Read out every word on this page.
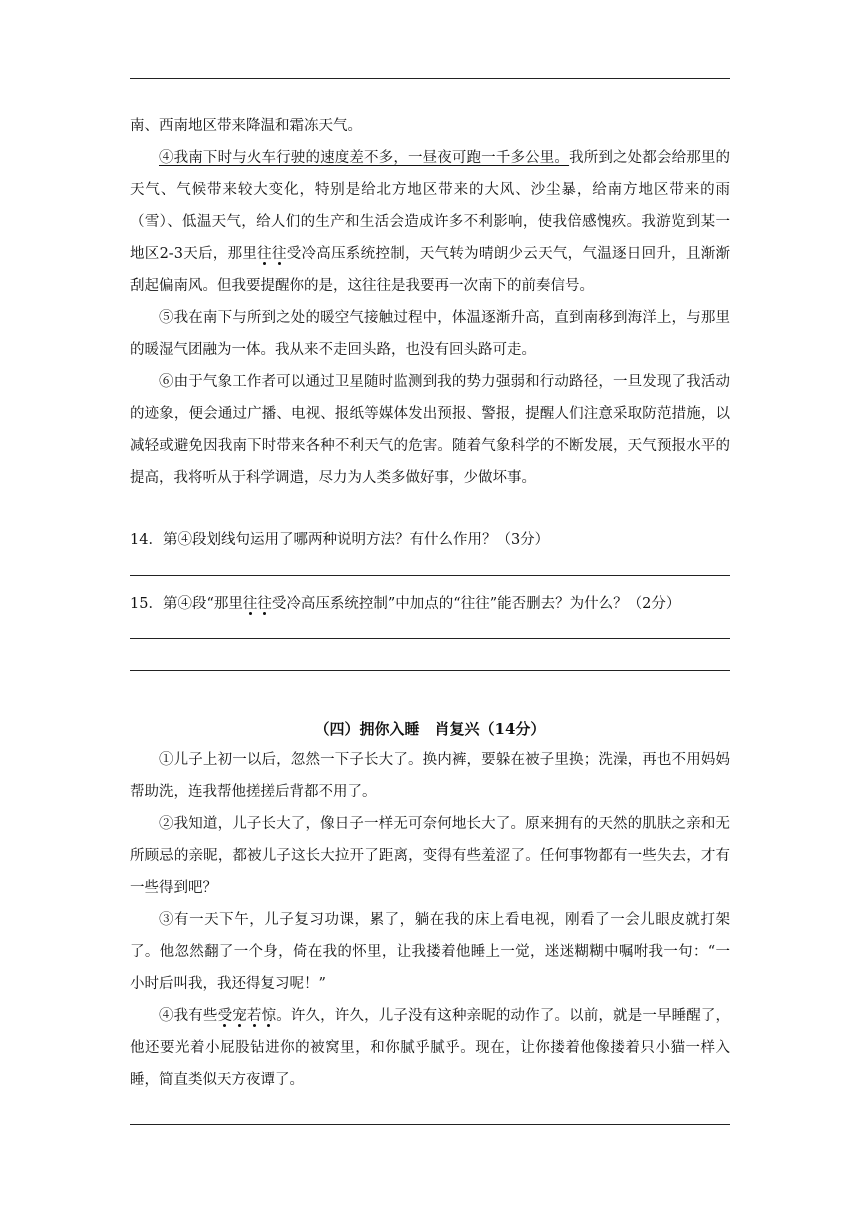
南、西南地区带来降温和霜冻天气。

④我南下时与火车行驶的速度差不多，一昼夜可跑一千多公里。我所到之处都会给那里的天气、气候带来较大变化，特别是给北方地区带来的大风、沙尘暴，给南方地区带来的雨（雪）、低温天气，给人们的生产和生活会造成许多不利影响，使我倍感愧疚。我游览到某一地区2-3天后，那里往往受冷高压系统控制，天气转为晴朗少云天气，气温逐日回升，且渐渐刮起偏南风。但我要提醒你的是，这往往是我要再一次南下的前奏信号。

⑤我在南下与所到之处的暖空气接触过程中，体温逐渐升高，直到南移到海洋上，与那里的暖湿气团融为一体。我从来不走回头路，也没有回头路可走。

⑥由于气象工作者可以通过卫星随时监测到我的势力强弱和行动路径，一旦发现了我活动的迹象，便会通过广播、电视、报纸等媒体发出预报、警报，提醒人们注意采取防范措施，以减轻或避免因我南下时带来各种不利天气的危害。随着气象科学的不断发展，天气预报水平的提高，我将听从于科学调遣，尽力为人类多做好事，少做坏事。

14．第④段划线句运用了哪两种说明方法？有什么作用？（3分）
15．第④段“那里往往受冷高压系统控制”中加点的“往往”能否删去？为什么？（2分）
（四）拥你入睡　肖复兴（14分）

①儿子上初一以后，忽然一下子长大了。换内裤，要躲在被子里换；洗澡，再也不用妈妈帮助洗，连我帮他搓搓后背都不用了。

②我知道，儿子长大了，像日子一样无可奈何地长大了。原来拥有的天然的肌肤之亲和无所顾忌的亲昵，都被儿子这长大拉开了距离，变得有些羞涩了。任何事物都有一些失去，才有一些得到吧？

③有一天下午，儿子复习功课，累了，躺在我的床上看电视，刚看了一会儿眼皮就打架了。他忽然翻了一个身，倚在我的怀里，让我搂着他睡上一觉，迷迷糊糊中嘱咐我一句：“一小时后叫我，我还得复习呢！”

④我有些受宠若惊。许久，许久，儿子没有这种亲昵的动作了。以前，就是一早睡醒了，他还要光着小屁股钻进你的被窝里，和你腻乎腻乎。现在，让你搂着他像搂着只小猫一样入睡，简直类似天方夜谭了。
